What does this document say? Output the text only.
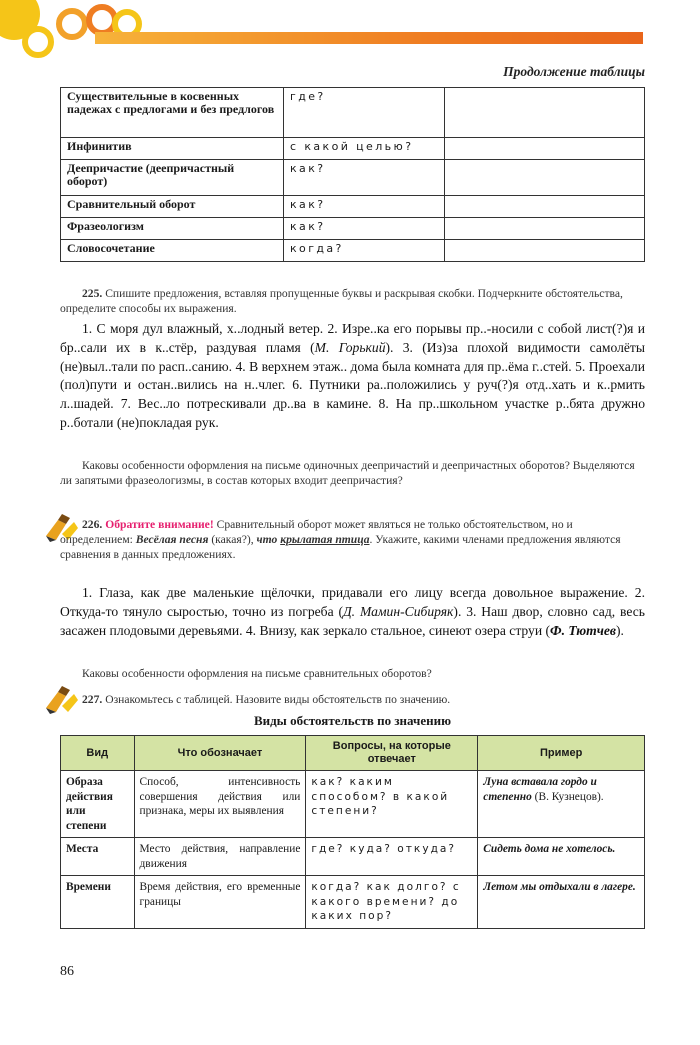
Продолжение таблицы
Существительные в косвенных падежах с предлогами и без предлогов	где?	
Инфинитив	с какой целью?	
Деепричастие (деепричастный оборот)	как?	
Сравнительный оборот	как?	
Фразеологизм	как?	
Словосочетание	когда?	

225. Спишите предложения, вставляя пропущенные буквы и раскрывая скобки. Подчеркните обстоятельства, определите способы их выражения.

1. С моря дул влажный, х..лодный ветер. 2. Изре..ка его порывы пр..-носили с собой лист(?)я и бр..сали их в к..стёр, раздувая пламя (М. Горький). 3. (Из)за плохой видимости самолёты (не)выл..тали по расп..санию. 4. В верхнем этаж.. дома была комната для пр..ёма г..стей. 5. Проехали (пол)пути и остан..вились на н..члег. 6. Путники ра..положились у руч(?)я отд..хать и к..рмить л..шадей. 7. Вес..ло потрескивали др..ва в камине. 8. На пр..школьном участке р..бята дружно р..ботали (не)покладая рук.

Каковы особенности оформления на письме одиночных деепричастий и деепричастных оборотов? Выделяются ли запятыми фразеологизмы, в состав которых входит деепричастия?

226. Обратите внимание! Сравнительный оборот может являться не только обстоятельством, но и определением: Весёлая песня (какая?), что крылатая птица. Укажите, какими членами предложения являются сравнения в данных предложениях.

1. Глаза, как две маленькие щёлочки, придавали его лицу всегда довольное выражение. 2. Откуда-то тянуло сыростью, точно из погреба (Д. Мамин-Сибиряк). 3. Наш двор, словно сад, весь засажен плодовыми деревьями. 4. Внизу, как зеркало стальное, синеют озера струи (Ф. Тютчев).

Каковы особенности оформления на письме сравнительных оборотов?

227. Ознакомьтесь с таблицей. Назовите виды обстоятельств по значению.

Виды обстоятельств по значению
Вид	Что обозначает	Вопросы, на которые отвечает	Пример
Образа действия или степени	Способ, интенсивность совершения действия или признака, меры их выявления	как? каким способом? в какой степени?	Луна вставала гордо и степенно (В. Кузнецов).
Места	Место действия, направление движения	где? куда? откуда?	Сидеть дома не хотелось.
Времени	Время действия, его временные границы	когда? как долго? с какого времени? до каких пор?	Летом мы отдыхали в лагере.
86
